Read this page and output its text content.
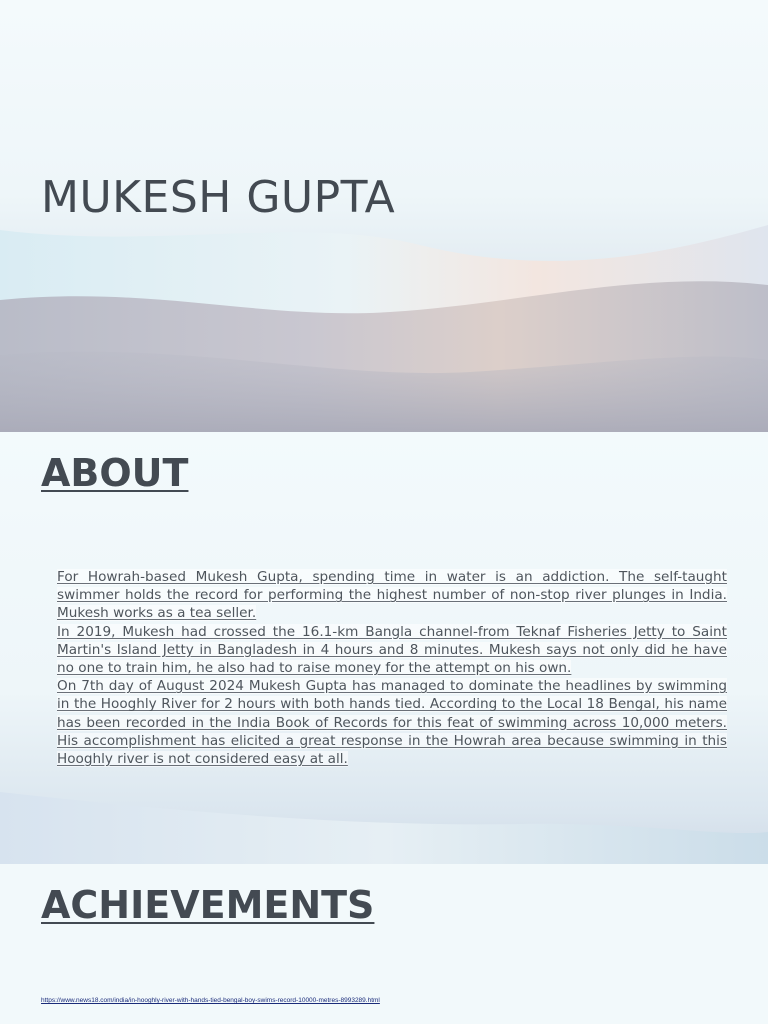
MUKESH GUPTA
ABOUT

For Howrah-based Mukesh Gupta, spending time in water is an addiction. The self-taught swimmer holds the record for performing the highest number of non-stop river plunges in India. Mukesh works as a tea seller.

In 2019, Mukesh had crossed the 16.1-km Bangla channel-from Teknaf Fisheries Jetty to Saint Martin's Island Jetty in Bangladesh in 4 hours and 8 minutes. Mukesh says not only did he have no one to train him, he also had to raise money for the attempt on his own.

On 7th day of August 2024 Mukesh Gupta has managed to dominate the headlines by swimming in the Hooghly River for 2 hours with both hands tied. According to the Local 18 Bengal, his name has been recorded in the India Book of Records for this feat of swimming across 10,000 meters. His accomplishment has elicited a great response in the Howrah area because swimming in this Hooghly river is not considered easy at all.

ACHIEVEMENTS
https://www.news18.com/india/in-hooghly-river-with-hands-tied-bengal-boy-swims-record-10000-metres-8993289.html
